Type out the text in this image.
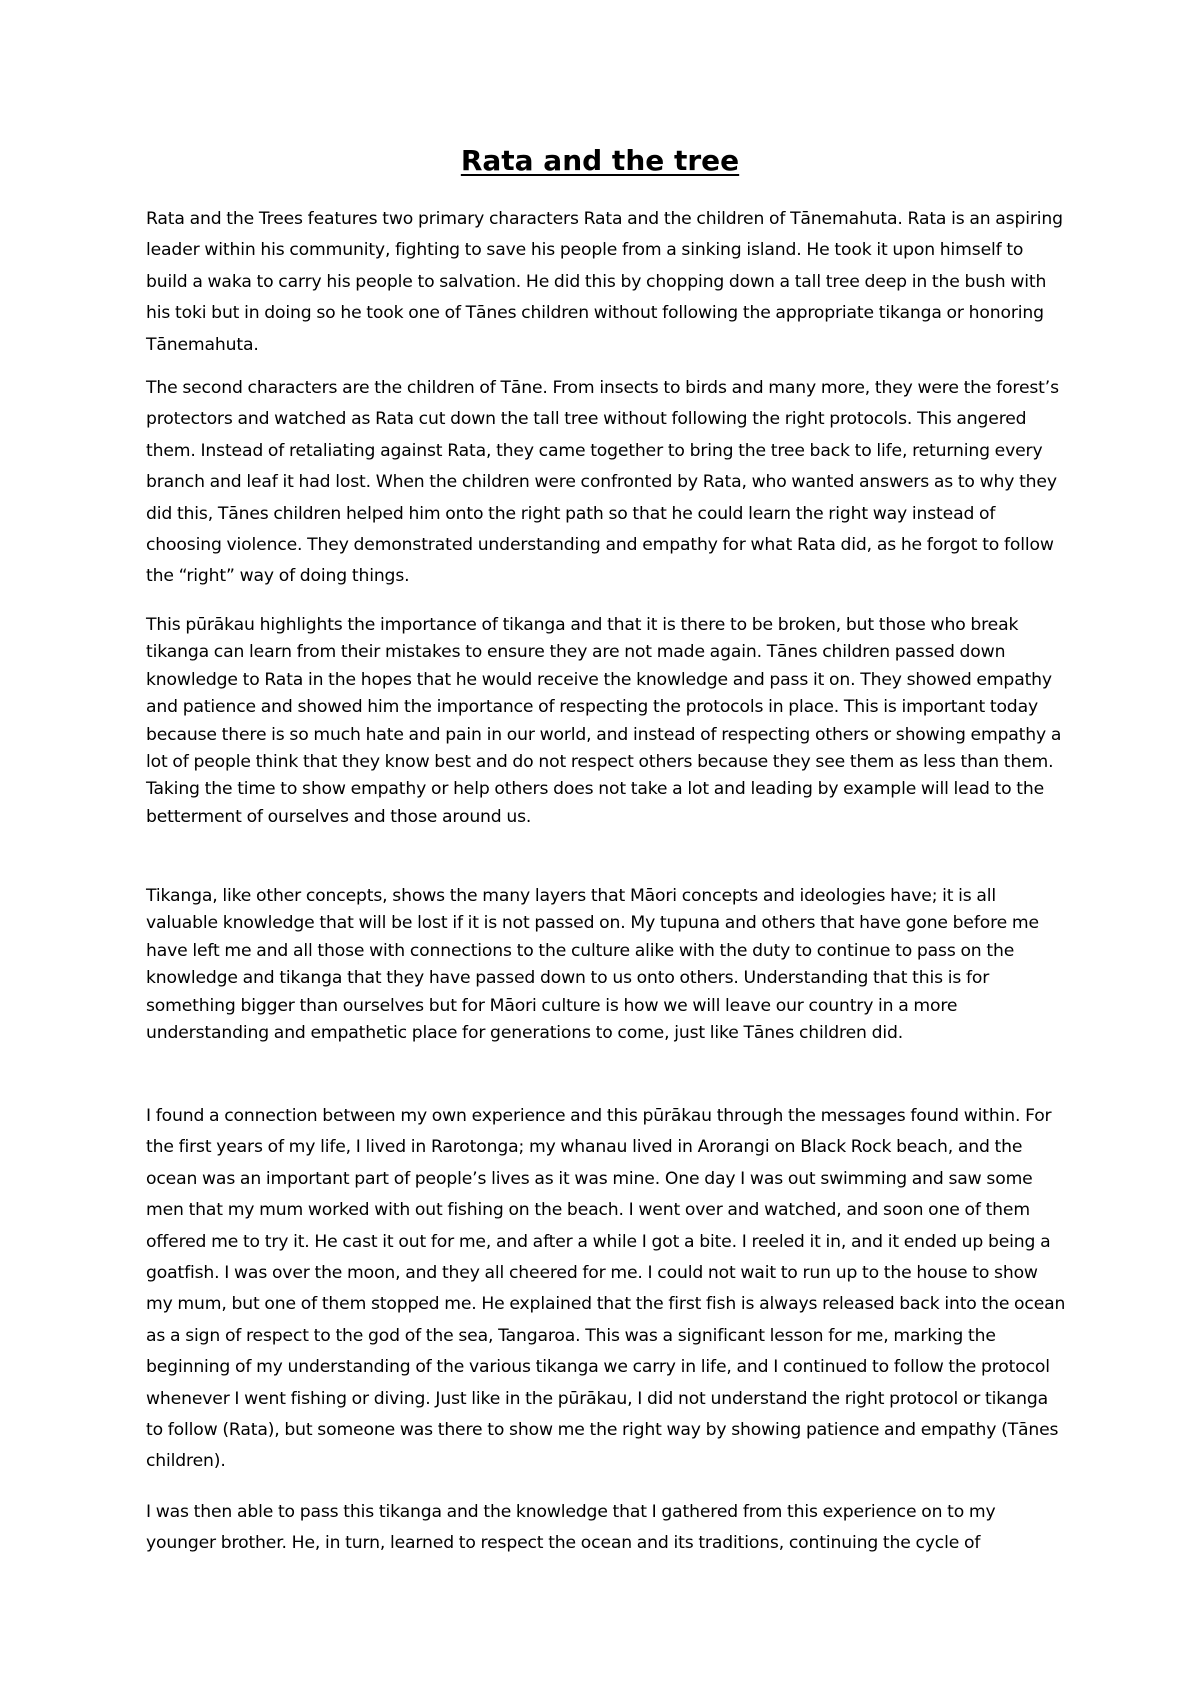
Rata and the tree

Rata and the Trees features two primary characters Rata and the children of Tānemahuta. Rata is an aspiring leader within his community, fighting to save his people from a sinking island. He took it upon himself to build a waka to carry his people to salvation. He did this by chopping down a tall tree deep in the bush with his toki but in doing so he took one of Tānes children without following the appropriate tikanga or honoring Tānemahuta.

The second characters are the children of Tāne. From insects to birds and many more, they were the forest’s protectors and watched as Rata cut down the tall tree without following the right protocols. This angered them. Instead of retaliating against Rata, they came together to bring the tree back to life, returning every branch and leaf it had lost. When the children were confronted by Rata, who wanted answers as to why they did this, Tānes children helped him onto the right path so that he could learn the right way instead of choosing violence. They demonstrated understanding and empathy for what Rata did, as he forgot to follow the “right” way of doing things.

This pūrākau highlights the importance of tikanga and that it is there to be broken, but those who break tikanga can learn from their mistakes to ensure they are not made again. Tānes children passed down knowledge to Rata in the hopes that he would receive the knowledge and pass it on. They showed empathy and patience and showed him the importance of respecting the protocols in place. This is important today because there is so much hate and pain in our world, and instead of respecting others or showing empathy a lot of people think that they know best and do not respect others because they see them as less than them. Taking the time to show empathy or help others does not take a lot and leading by example will lead to the betterment of ourselves and those around us.

Tikanga, like other concepts, shows the many layers that Māori concepts and ideologies have; it is all valuable knowledge that will be lost if it is not passed on. My tupuna and others that have gone before me have left me and all those with connections to the culture alike with the duty to continue to pass on the knowledge and tikanga that they have passed down to us onto others. Understanding that this is for something bigger than ourselves but for Māori culture is how we will leave our country in a more understanding and empathetic place for generations to come, just like Tānes children did.

I found a connection between my own experience and this pūrākau through the messages found within. For the first years of my life, I lived in Rarotonga; my whanau lived in Arorangi on Black Rock beach, and the ocean was an important part of people’s lives as it was mine. One day I was out swimming and saw some men that my mum worked with out fishing on the beach. I went over and watched, and soon one of them offered me to try it. He cast it out for me, and after a while I got a bite. I reeled it in, and it ended up being a goatfish. I was over the moon, and they all cheered for me. I could not wait to run up to the house to show my mum, but one of them stopped me. He explained that the first fish is always released back into the ocean as a sign of respect to the god of the sea, Tangaroa. This was a significant lesson for me, marking the beginning of my understanding of the various tikanga we carry in life, and I continued to follow the protocol whenever I went fishing or diving. Just like in the pūrākau, I did not understand the right protocol or tikanga to follow (Rata), but someone was there to show me the right way by showing patience and empathy (Tānes children).

I was then able to pass this tikanga and the knowledge that I gathered from this experience on to my younger brother. He, in turn, learned to respect the ocean and its traditions, continuing the cycle of
